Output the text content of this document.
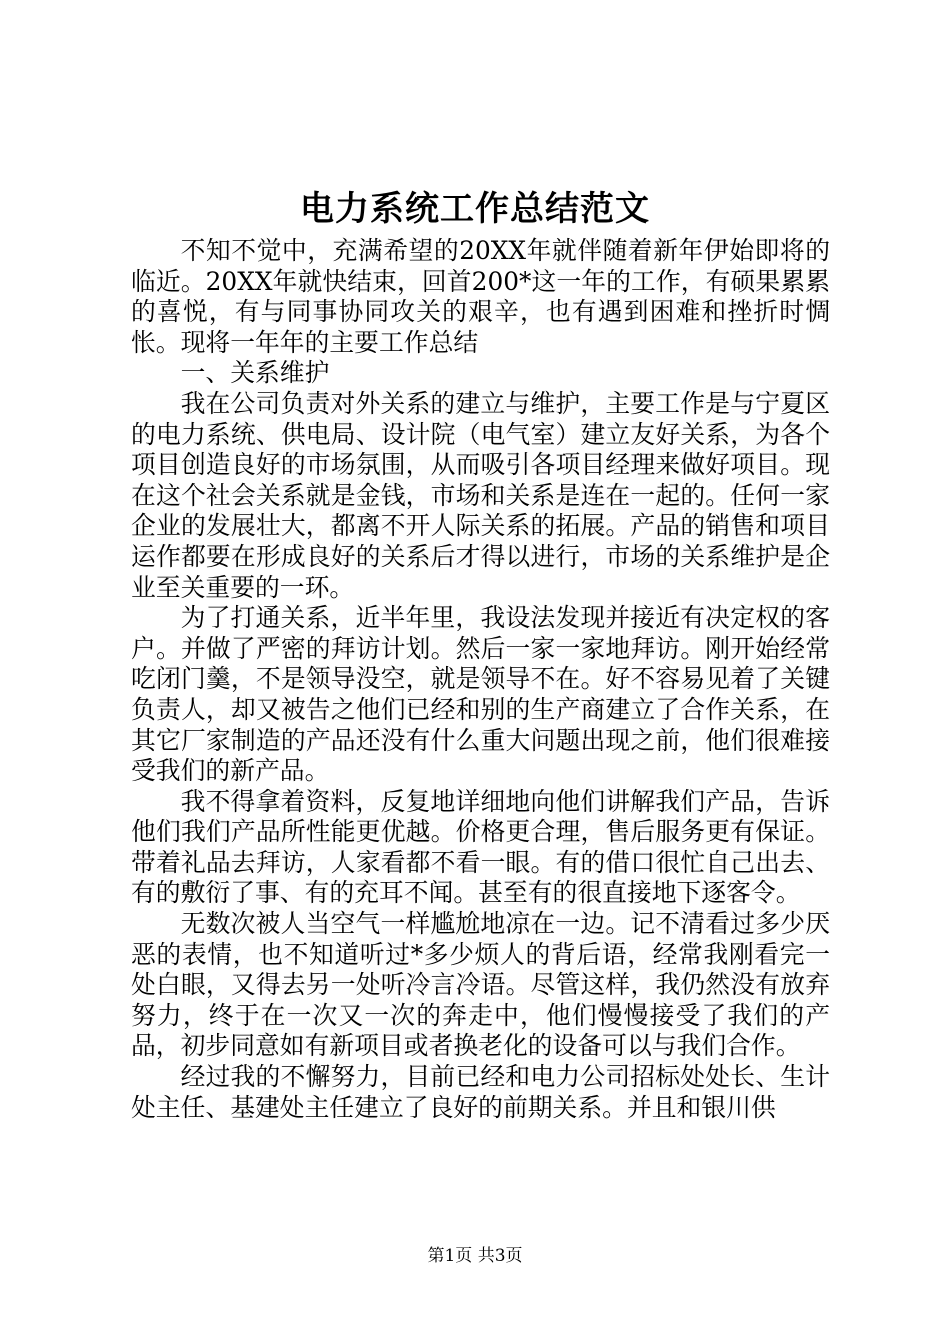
电力系统工作总结范文

不知不觉中，充满希望的20XX年就伴随着新年伊始即将的临近。20XX年就快结束，回首200*这一年的工作，有硕果累累的喜悦，有与同事协同攻关的艰辛，也有遇到困难和挫折时惆怅。现将一年年的主要工作总结

一、关系维护

我在公司负责对外关系的建立与维护，主要工作是与宁夏区的电力系统、供电局、设计院（电气室）建立友好关系，为各个项目创造良好的市场氛围，从而吸引各项目经理来做好项目。现在这个社会关系就是金钱，市场和关系是连在一起的。任何一家企业的发展壮大，都离不开人际关系的拓展。产品的销售和项目运作都要在形成良好的关系后才得以进行，市场的关系维护是企业至关重要的一环。

为了打通关系，近半年里，我设法发现并接近有决定权的客户。并做了严密的拜访计划。然后一家一家地拜访。刚开始经常吃闭门羹，不是领导没空，就是领导不在。好不容易见着了关键负责人，却又被告之他们已经和别的生产商建立了合作关系，在其它厂家制造的产品还没有什么重大问题出现之前，他们很难接受我们的新产品。

我不得拿着资料，反复地详细地向他们讲解我们产品，告诉他们我们产品所性能更优越。价格更合理，售后服务更有保证。带着礼品去拜访，人家看都不看一眼。有的借口很忙自己出去、有的敷衍了事、有的充耳不闻。甚至有的很直接地下逐客令。

无数次被人当空气一样尴尬地凉在一边。记不清看过多少厌恶的表情，也不知道听过*多少烦人的背后语，经常我刚看完一处白眼，又得去另一处听冷言冷语。尽管这样，我仍然没有放弃努力，终于在一次又一次的奔走中，他们慢慢接受了我们的产品，初步同意如有新项目或者换老化的设备可以与我们合作。

经过我的不懈努力，目前已经和电力公司招标处处长、生计处主任、基建处主任建立了良好的前期关系。并且和银川供

第1页 共3页
